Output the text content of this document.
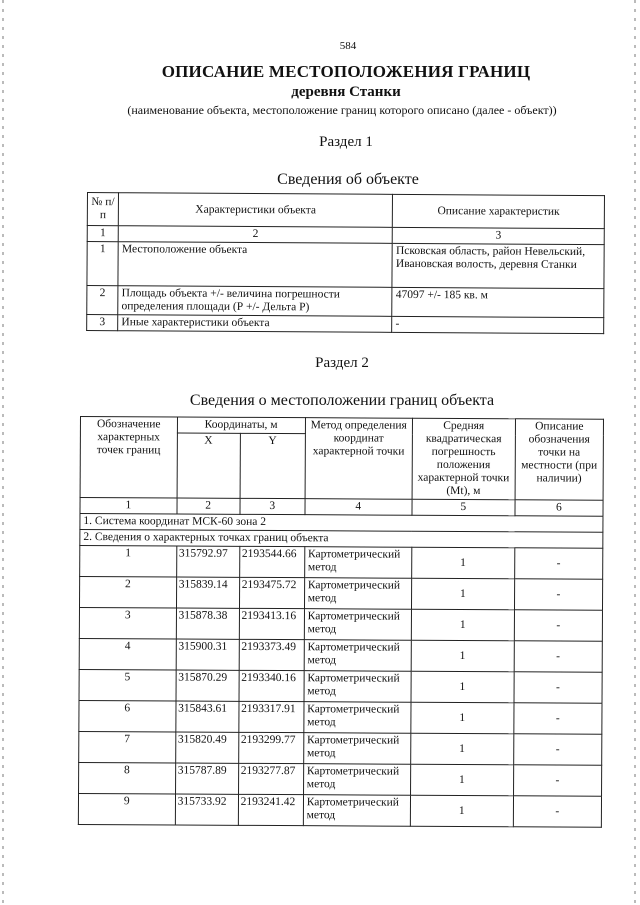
584
ОПИСАНИЕ МЕСТОПОЛОЖЕНИЯ ГРАНИЦ
деревня Станки
(наименование объекта, местоположение границ которого описано (далее - объект))
Раздел 1
Сведения об объекте
№ п/п	Характеристики объекта	Описание характеристик
1	2	3
1	Местоположение объекта	Псковская область, район Невельский, Ивановская волость, деревня Станки
2	Площадь объекта +/- величина погрешности определения площади (Р +/- Дельта Р)	47097 +/- 185 кв. м
3	Иные характеристики объекта	-
Раздел 2
Сведения о местоположении границ объекта
Обозначение характерных точек границ	Координаты, м		Метод определения координат характерной точки	Средняя квадратическая погрешность положения характерной точки (Мt), м	Описание обозначения точки на местности (при наличии)
	X	Y			
1	2	3	4	5	6
1. Система координат МСК-60 зона 2					
2. Сведения о характерных точках границ объекта					
1	315792.97	2193544.66	Картометрический метод	1	-
2	315839.14	2193475.72	Картометрический метод	1	-
3	315878.38	2193413.16	Картометрический метод	1	-
4	315900.31	2193373.49	Картометрический метод	1	-
5	315870.29	2193340.16	Картометрический метод	1	-
6	315843.61	2193317.91	Картометрический метод	1	-
7	315820.49	2193299.77	Картометрический метод	1	-
8	315787.89	2193277.87	Картометрический метод	1	-
9	315733.92	2193241.42	Картометрический метод	1	-
